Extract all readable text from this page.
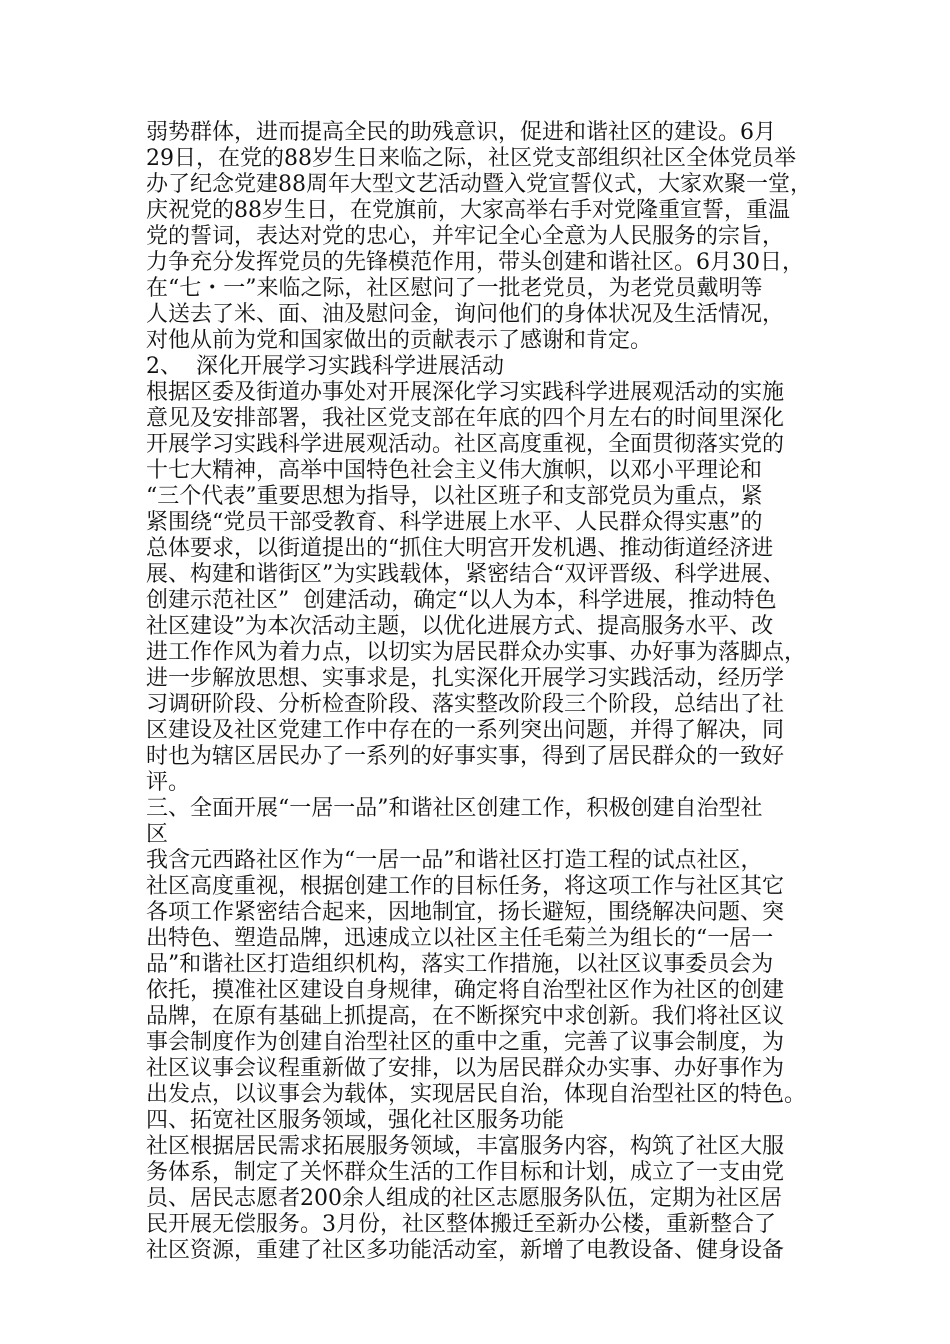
弱势群体，进而提高全民的助残意识，促进和谐社区的建设。6月
29日，在党的88岁生日来临之际，社区党支部组织社区全体党员举
办了纪念党建88周年大型文艺活动暨入党宣誓仪式，大家欢聚一堂，
庆祝党的88岁生日，在党旗前，大家高举右手对党隆重宣誓，重温
党的誓词，表达对党的忠心，并牢记全心全意为人民服务的宗旨，
力争充分发挥党员的先锋模范作用，带头创建和谐社区。6月30日，
在“七・一”来临之际，社区慰问了一批老党员，为老党员戴明等
人送去了米、面、油及慰问金，询问他们的身体状况及生活情况，
对他从前为党和国家做出的贡献表示了感谢和肯定。
2、  深化开展学习实践科学进展活动
根据区委及街道办事处对开展深化学习实践科学进展观活动的实施
意见及安排部署，我社区党支部在年底的四个月左右的时间里深化
开展学习实践科学进展观活动。社区高度重视，全面贯彻落实党的
十七大精神，高举中国特色社会主义伟大旗帜，以邓小平理论和
“三个代表”重要思想为指导，以社区班子和支部党员为重点，紧
紧围绕“党员干部受教育、科学进展上水平、人民群众得实惠”的
总体要求，以街道提出的“抓住大明宫开发机遇、推动街道经济进
展、构建和谐街区”为实践载体，紧密结合“双评晋级、科学进展、
创建示范社区”  创建活动，确定“以人为本，科学进展，推动特色
社区建设”为本次活动主题，以优化进展方式、提高服务水平、改
进工作作风为着力点，以切实为居民群众办实事、办好事为落脚点，
进一步解放思想、实事求是，扎实深化开展学习实践活动，经历学
习调研阶段、分析检查阶段、落实整改阶段三个阶段，总结出了社
区建设及社区党建工作中存在的一系列突出问题，并得了解决，同
时也为辖区居民办了一系列的好事实事，得到了居民群众的一致好
评。
三、全面开展“一居一品”和谐社区创建工作，积极创建自治型社
区
我含元西路社区作为“一居一品”和谐社区打造工程的试点社区，
社区高度重视，根据创建工作的目标任务，将这项工作与社区其它
各项工作紧密结合起来，因地制宜，扬长避短，围绕解决问题、突
出特色、塑造品牌，迅速成立以社区主任毛菊兰为组长的“一居一
品”和谐社区打造组织机构，落实工作措施，以社区议事委员会为
依托，摸准社区建设自身规律，确定将自治型社区作为社区的创建
品牌，在原有基础上抓提高，在不断探究中求创新。我们将社区议
事会制度作为创建自治型社区的重中之重，完善了议事会制度，为
社区议事会议程重新做了安排，以为居民群众办实事、办好事作为
出发点，以议事会为载体，实现居民自治，体现自治型社区的特色。
四、拓宽社区服务领域，强化社区服务功能
社区根据居民需求拓展服务领域，丰富服务内容，构筑了社区大服
务体系，制定了关怀群众生活的工作目标和计划，成立了一支由党
员、居民志愿者200余人组成的社区志愿服务队伍，定期为社区居
民开展无偿服务。3月份，社区整体搬迁至新办公楼，重新整合了
社区资源，重建了社区多功能活动室，新增了电教设备、健身设备
